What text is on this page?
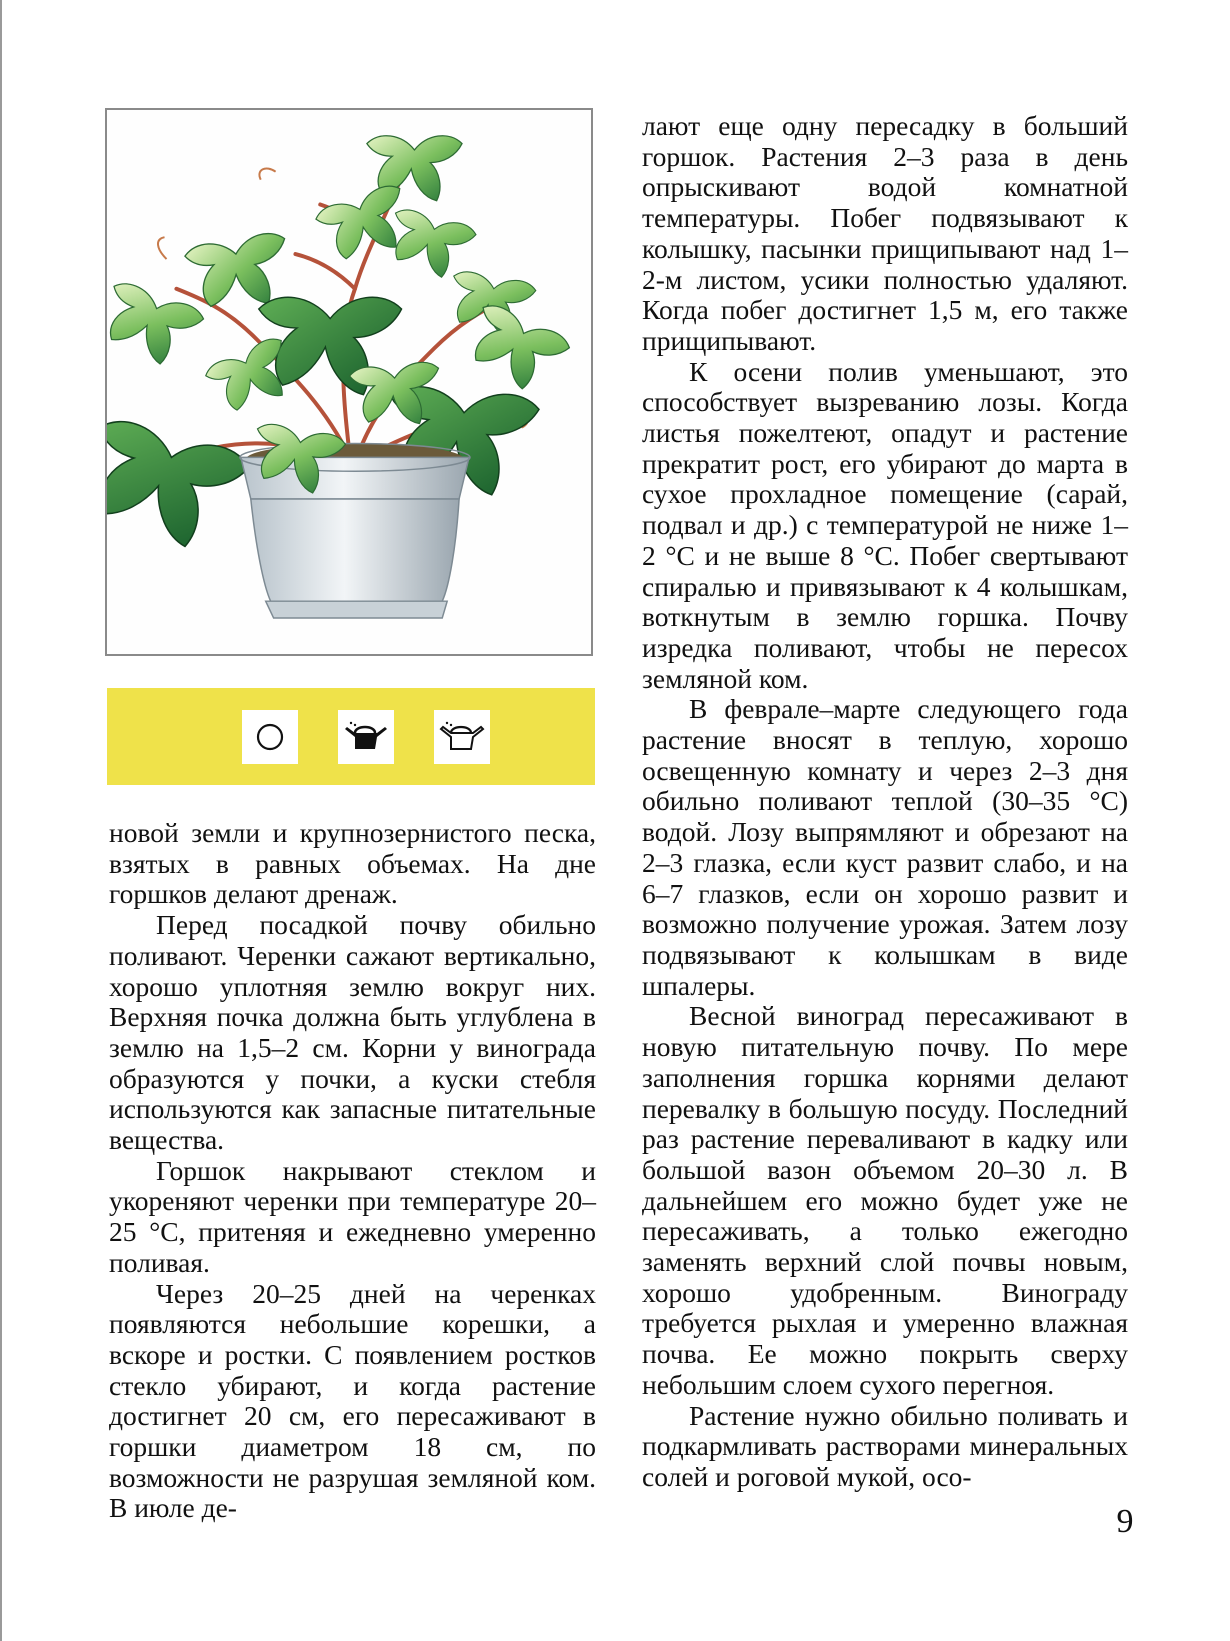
новой земли и крупнозернистого песка, взятых в равных объемах. На дне горшков делают дренаж.

Перед посадкой почву обильно поливают. Черенки сажают вертикально, хорошо уплотняя землю вокруг них. Верхняя почка должна быть углублена в землю на 1,5–2 см. Корни у винограда образуются у почки, а куски стебля используются как запасные питательные вещества.

Горшок накрывают стеклом и укореняют черенки при температуре 20–25 °С, притеняя и ежедневно умеренно поливая.

Через 20–25 дней на черенках появляются небольшие корешки, а вскоре и ростки. С появлением ростков стекло убирают, и когда растение достигнет 20 см, его пересаживают в горшки диаметром 18 см, по возможности не разрушая земляной ком. В июле де-

лают еще одну пересадку в больший горшок. Растения 2–3 раза в день опрыскивают водой комнатной температуры. Побег подвязывают к колышку, пасынки прищипывают над 1–2-м листом, усики полностью удаляют. Когда побег достигнет 1,5 м, его также прищипывают.

К осени полив уменьшают, это способствует вызреванию лозы. Когда листья пожелтеют, опадут и растение прекратит рост, его убирают до марта в сухое прохладное помещение (сарай, подвал и др.) с температурой не ниже 1–2 °С и не выше 8 °С. Побег свертывают спиралью и привязывают к 4 колышкам, воткнутым в землю горшка. Почву изредка поливают, чтобы не пересох земляной ком.

В феврале–марте следующего года растение вносят в теплую, хорошо освещенную комнату и через 2–3 дня обильно поливают теплой (30–35 °С) водой. Лозу выпрямляют и обрезают на 2–3 глазка, если куст развит слабо, и на 6–7 глазков, если он хорошо развит и возможно получение урожая. Затем лозу подвязывают к колышкам в виде шпалеры.

Весной виноград пересаживают в новую питательную почву. По мере заполнения горшка корнями делают перевалку в большую посуду. Последний раз растение переваливают в кадку или большой вазон объемом 20–30 л. В дальнейшем его можно будет уже не пересаживать, а только ежегодно заменять верхний слой почвы новым, хорошо удобренным. Винограду требуется рыхлая и умеренно влажная почва. Ее можно покрыть сверху небольшим слоем сухого перегноя.

Растение нужно обильно поливать и подкармливать растворами минеральных солей и роговой мукой, осо-

9
